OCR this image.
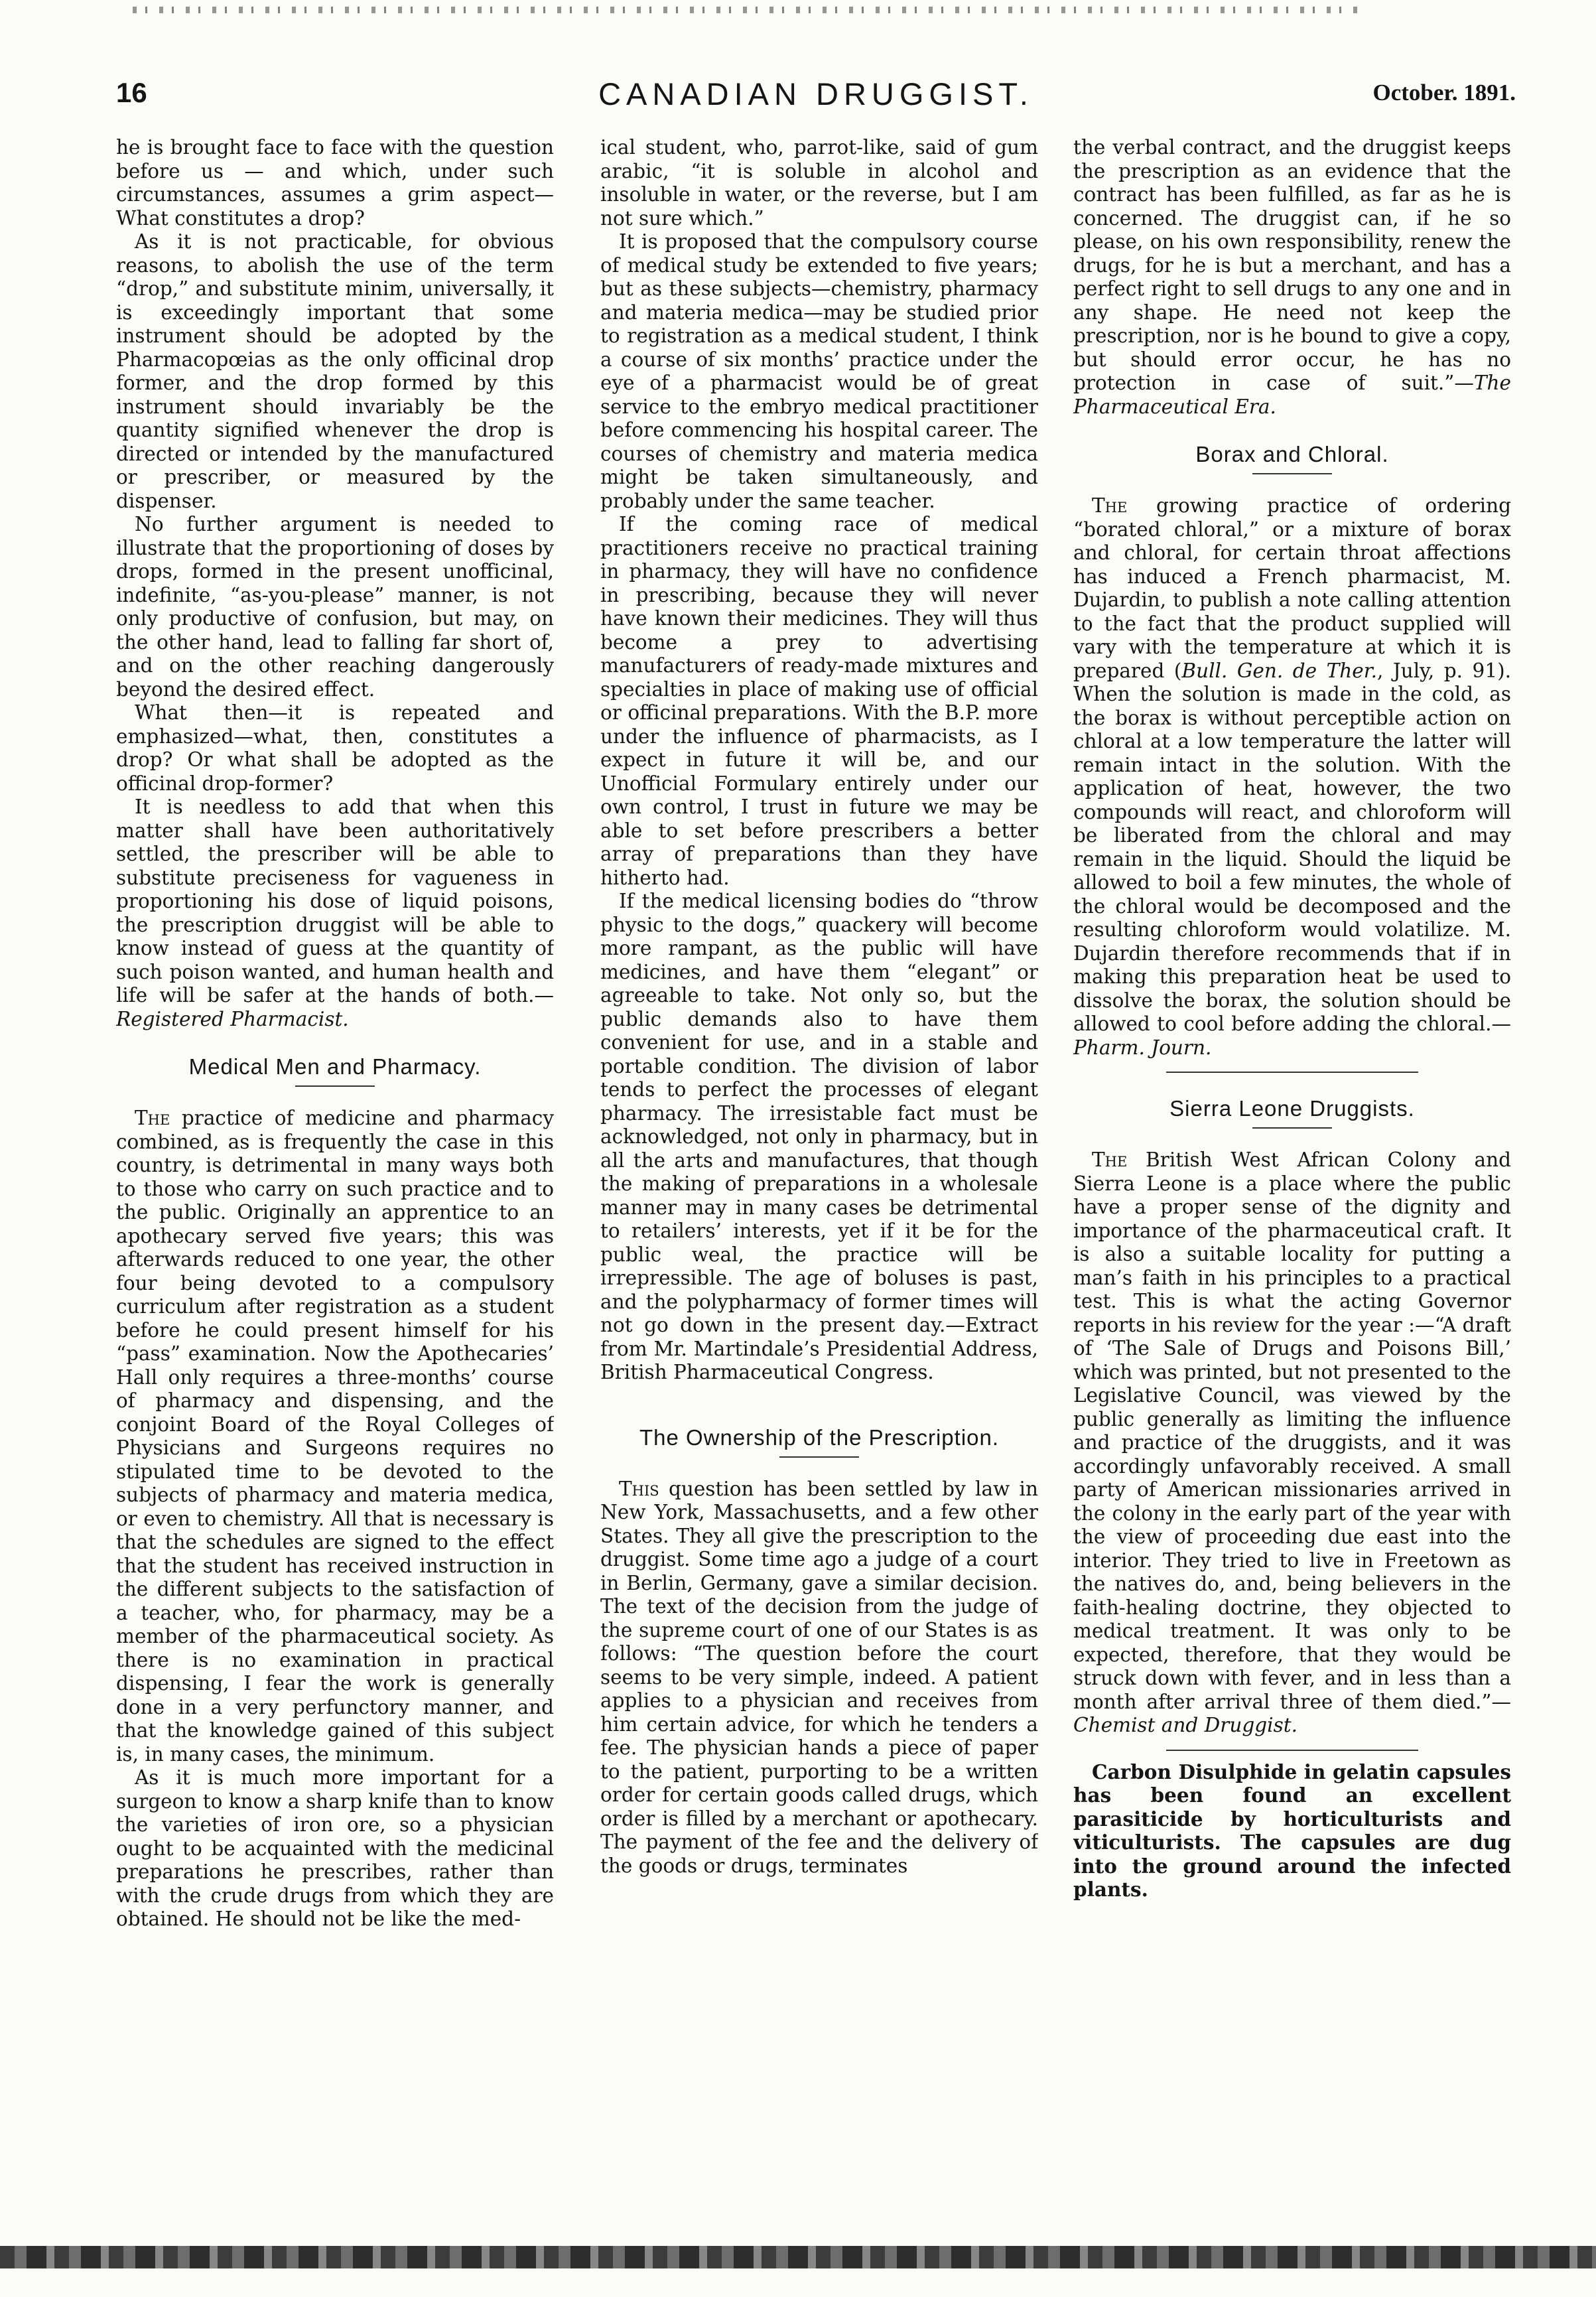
16	CANADIAN DRUGGIST.	October. 1891.

he is brought face to face with the question before us — and which, under such circumstances, assumes a grim aspect— What constitutes a drop?

As it is not practicable, for obvious reasons, to abolish the use of the term “drop,” and substitute minim, universally, it is exceedingly important that some instrument should be adopted by the Pharmacopœias as the only officinal drop former, and the drop formed by this instrument should invariably be the quantity signified whenever the drop is directed or intended by the manufactured or prescriber, or measured by the dispenser.

No further argument is needed to illustrate that the proportioning of doses by drops, formed in the present unofficinal, indefinite, “as-you-please” manner, is not only productive of confusion, but may, on the other hand, lead to falling far short of, and on the other reaching dangerously beyond the desired effect.

What then—it is repeated and emphasized—what, then, constitutes a drop? Or what shall be adopted as the officinal drop-former?

It is needless to add that when this matter shall have been authoritatively settled, the prescriber will be able to substitute preciseness for vagueness in proportioning his dose of liquid poisons, the prescription druggist will be able to know instead of guess at the quantity of such poison wanted, and human health and life will be safer at the hands of both.—Registered Pharmacist.

Medical Men and Pharmacy.

The practice of medicine and pharmacy combined, as is frequently the case in this country, is detrimental in many ways both to those who carry on such practice and to the public. Originally an apprentice to an apothecary served five years; this was afterwards reduced to one year, the other four being devoted to a compulsory curriculum after registration as a student before he could present himself for his “pass” examination. Now the Apothecaries’ Hall only requires a three-months’ course of pharmacy and dispensing, and the conjoint Board of the Royal Colleges of Physicians and Surgeons requires no stipulated time to be devoted to the subjects of pharmacy and materia medica, or even to chemistry. All that is necessary is that the schedules are signed to the effect that the student has received instruction in the different subjects to the satisfaction of a teacher, who, for pharmacy, may be a member of the pharmaceutical society. As there is no examination in practical dispensing, I fear the work is generally done in a very perfunctory manner, and that the knowledge gained of this subject is, in many cases, the minimum.

As it is much more important for a surgeon to know a sharp knife than to know the varieties of iron ore, so a physician ought to be acquainted with the medicinal preparations he prescribes, rather than with the crude drugs from which they are obtained. He should not be like the med-

ical student, who, parrot-like, said of gum arabic, “it is soluble in alcohol and insoluble in water, or the reverse, but I am not sure which.”

It is proposed that the compulsory course of medical study be extended to five years; but as these subjects—chemistry, pharmacy and materia medica—may be studied prior to registration as a medical student, I think a course of six months’ practice under the eye of a pharmacist would be of great service to the embryo medical practitioner before commencing his hospital career. The courses of chemistry and materia medica might be taken simultaneously, and probably under the same teacher.

If the coming race of medical practitioners receive no practical training in pharmacy, they will have no confidence in prescribing, because they will never have known their medicines. They will thus become a prey to advertising manufacturers of ready-made mixtures and specialties in place of making use of official or officinal preparations. With the B.P. more under the influence of pharmacists, as I expect in future it will be, and our Unofficial Formulary entirely under our own control, I trust in future we may be able to set before prescribers a better array of preparations than they have hitherto had.

If the medical licensing bodies do “throw physic to the dogs,” quackery will become more rampant, as the public will have medicines, and have them “elegant” or agreeable to take. Not only so, but the public demands also to have them convenient for use, and in a stable and portable condition. The division of labor tends to perfect the processes of elegant pharmacy. The irresistable fact must be acknowledged, not only in pharmacy, but in all the arts and manufactures, that though the making of preparations in a wholesale manner may in many cases be detrimental to retailers’ interests, yet if it be for the public weal, the practice will be irrepressible. The age of boluses is past, and the polypharmacy of former times will not go down in the present day.—Extract from Mr. Martindale’s Presidential Address, British Pharmaceutical Congress.

The Ownership of the Prescription.

This question has been settled by law in New York, Massachusetts, and a few other States. They all give the prescription to the druggist. Some time ago a judge of a court in Berlin, Germany, gave a similar decision. The text of the decision from the judge of the supreme court of one of our States is as follows: “The question before the court seems to be very simple, indeed. A patient applies to a physician and receives from him certain advice, for which he tenders a fee. The physician hands a piece of paper to the patient, purporting to be a written order for certain goods called drugs, which order is filled by a merchant or apothecary. The payment of the fee and the delivery of the goods or drugs, terminates

the verbal contract, and the druggist keeps the prescription as an evidence that the contract has been fulfilled, as far as he is concerned. The druggist can, if he so please, on his own responsibility, renew the drugs, for he is but a merchant, and has a perfect right to sell drugs to any one and in any shape. He need not keep the prescription, nor is he bound to give a copy, but should error occur, he has no protection in case of suit.”—The Pharmaceutical Era.

Borax and Chloral.

The growing practice of ordering “borated chloral,” or a mixture of borax and chloral, for certain throat affections has induced a French pharmacist, M. Dujardin, to publish a note calling attention to the fact that the product supplied will vary with the temperature at which it is prepared (Bull. Gen. de Ther., July, p. 91). When the solution is made in the cold, as the borax is without perceptible action on chloral at a low temperature the latter will remain intact in the solution. With the application of heat, however, the two compounds will react, and chloroform will be liberated from the chloral and may remain in the liquid. Should the liquid be allowed to boil a few minutes, the whole of the chloral would be decomposed and the resulting chloroform would volatilize. M. Dujardin therefore recommends that if in making this preparation heat be used to dissolve the borax, the solution should be allowed to cool before adding the chloral.—Pharm. Journ.

Sierra Leone Druggists.

The British West African Colony and Sierra Leone is a place where the public have a proper sense of the dignity and importance of the pharmaceutical craft. It is also a suitable locality for putting a man’s faith in his principles to a practical test. This is what the acting Governor reports in his review for the year :—“A draft of ‘The Sale of Drugs and Poisons Bill,’ which was printed, but not presented to the Legislative Council, was viewed by the public generally as limiting the influence and practice of the druggists, and it was accordingly unfavorably received. A small party of American missionaries arrived in the colony in the early part of the year with the view of proceeding due east into the interior. They tried to live in Freetown as the natives do, and, being believers in the faith-healing doctrine, they objected to medical treatment. It was only to be expected, therefore, that they would be struck down with fever, and in less than a month after arrival three of them died.”—Chemist and Druggist.

Carbon Disulphide in gelatin capsules has been found an excellent parasiticide by horticulturists and viticulturists. The capsules are dug into the ground around the infected plants.
